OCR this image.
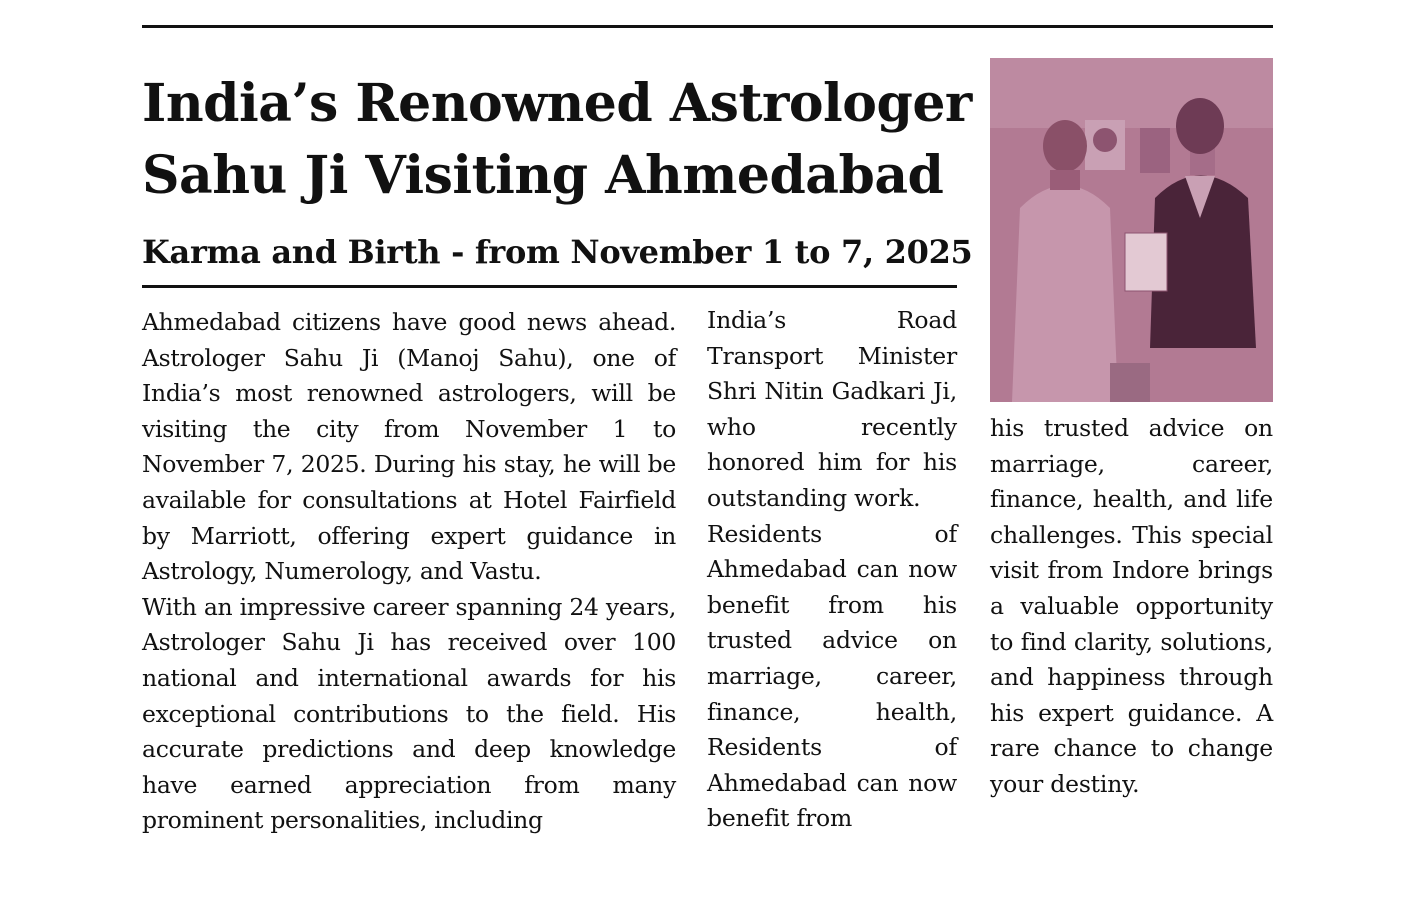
India’s Renowned Astrologer
Sahu Ji Visiting Ahmedabad
Karma and Birth - from November 1 to 7, 2025

Ahmedabad citizens have good news ahead. Astrologer Sahu Ji (Manoj Sahu), one of India’s most renowned astrologers, will be visiting the city from November 1 to November 7, 2025. During his stay, he will be available for consultations at Hotel Fairfield by Marriott, offering expert guidance in Astrology, Numerology, and Vastu.

With an impressive career spanning 24 years, Astrologer Sahu Ji has received over 100 national and international awards for his exceptional contributions to the field. His accurate predictions and deep knowledge have earned appreciation from many prominent personalities, including

India’s Road Transport Minister Shri Nitin Gadkari Ji, who recently honored him for his outstanding work.

Residents of Ahmedabad can now benefit from his trusted advice on marriage, career, finance, health, Residents of Ahmedabad can now benefit from

his trusted advice on marriage, career, finance, health, and life challenges. This special visit from Indore brings a valuable opportunity to find clarity, solutions, and happiness through his expert guidance. A rare chance to change your destiny.
